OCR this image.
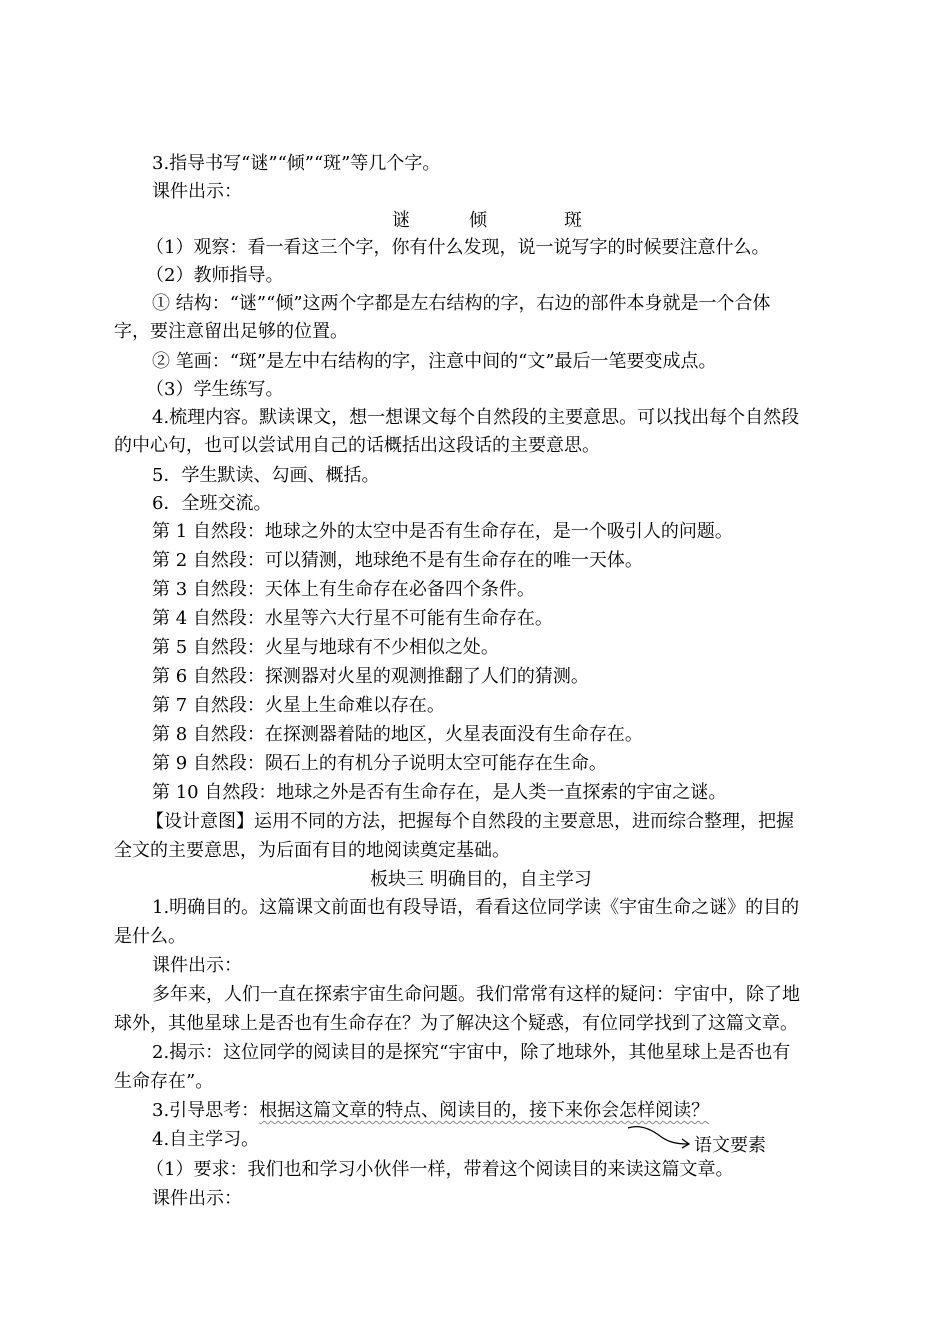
3.指导书写“谜”“倾”“斑”等几个字。
课件出示：
谜	倾	斑
（1）观察：看一看这三个字，你有什么发现，说一说写字的时候要注意什么。
（2）教师指导。
① 结构：“谜”“倾”这两个字都是左右结构的字，右边的部件本身就是一个合体
字，要注意留出足够的位置。
② 笔画：“斑”是左中右结构的字，注意中间的“文”最后一笔要变成点。
（3）学生练写。
4.梳理内容。默读课文，想一想课文每个自然段的主要意思。可以找出每个自然段
的中心句，也可以尝试用自己的话概括出这段话的主要意思。
5．学生默读、勾画、概括。
6．全班交流。
第 1 自然段：地球之外的太空中是否有生命存在，是一个吸引人的问题。
第 2 自然段：可以猜测，地球绝不是有生命存在的唯一天体。
第 3 自然段：天体上有生命存在必备四个条件。
第 4 自然段：水星等六大行星不可能有生命存在。
第 5 自然段：火星与地球有不少相似之处。
第 6 自然段：探测器对火星的观测推翻了人们的猜测。
第 7 自然段：火星上生命难以存在。
第 8 自然段：在探测器着陆的地区，火星表面没有生命存在。
第 9 自然段：陨石上的有机分子说明太空可能存在生命。
第 10 自然段：地球之外是否有生命存在，是人类一直探索的宇宙之谜。
【设计意图】运用不同的方法，把握每个自然段的主要意思，进而综合整理，把握
全文的主要意思，为后面有目的地阅读奠定基础。
板块三 明确目的，自主学习
1.明确目的。这篇课文前面也有段导语，看看这位同学读《宇宙生命之谜》的目的
是什么。
课件出示：
多年来，人们一直在探索宇宙生命问题。我们常常有这样的疑问：宇宙中，除了地
球外，其他星球上是否也有生命存在？为了解决这个疑惑，有位同学找到了这篇文章。
2.揭示：这位同学的阅读目的是探究“宇宙中，除了地球外，其他星球上是否也有
生命存在”。
3.引导思考：根据这篇文章的特点、阅读目的，接下来你会怎样阅读？
4.自主学习。	语文要素
（1）要求：我们也和学习小伙伴一样，带着这个阅读目的来读这篇文章。
课件出示：
